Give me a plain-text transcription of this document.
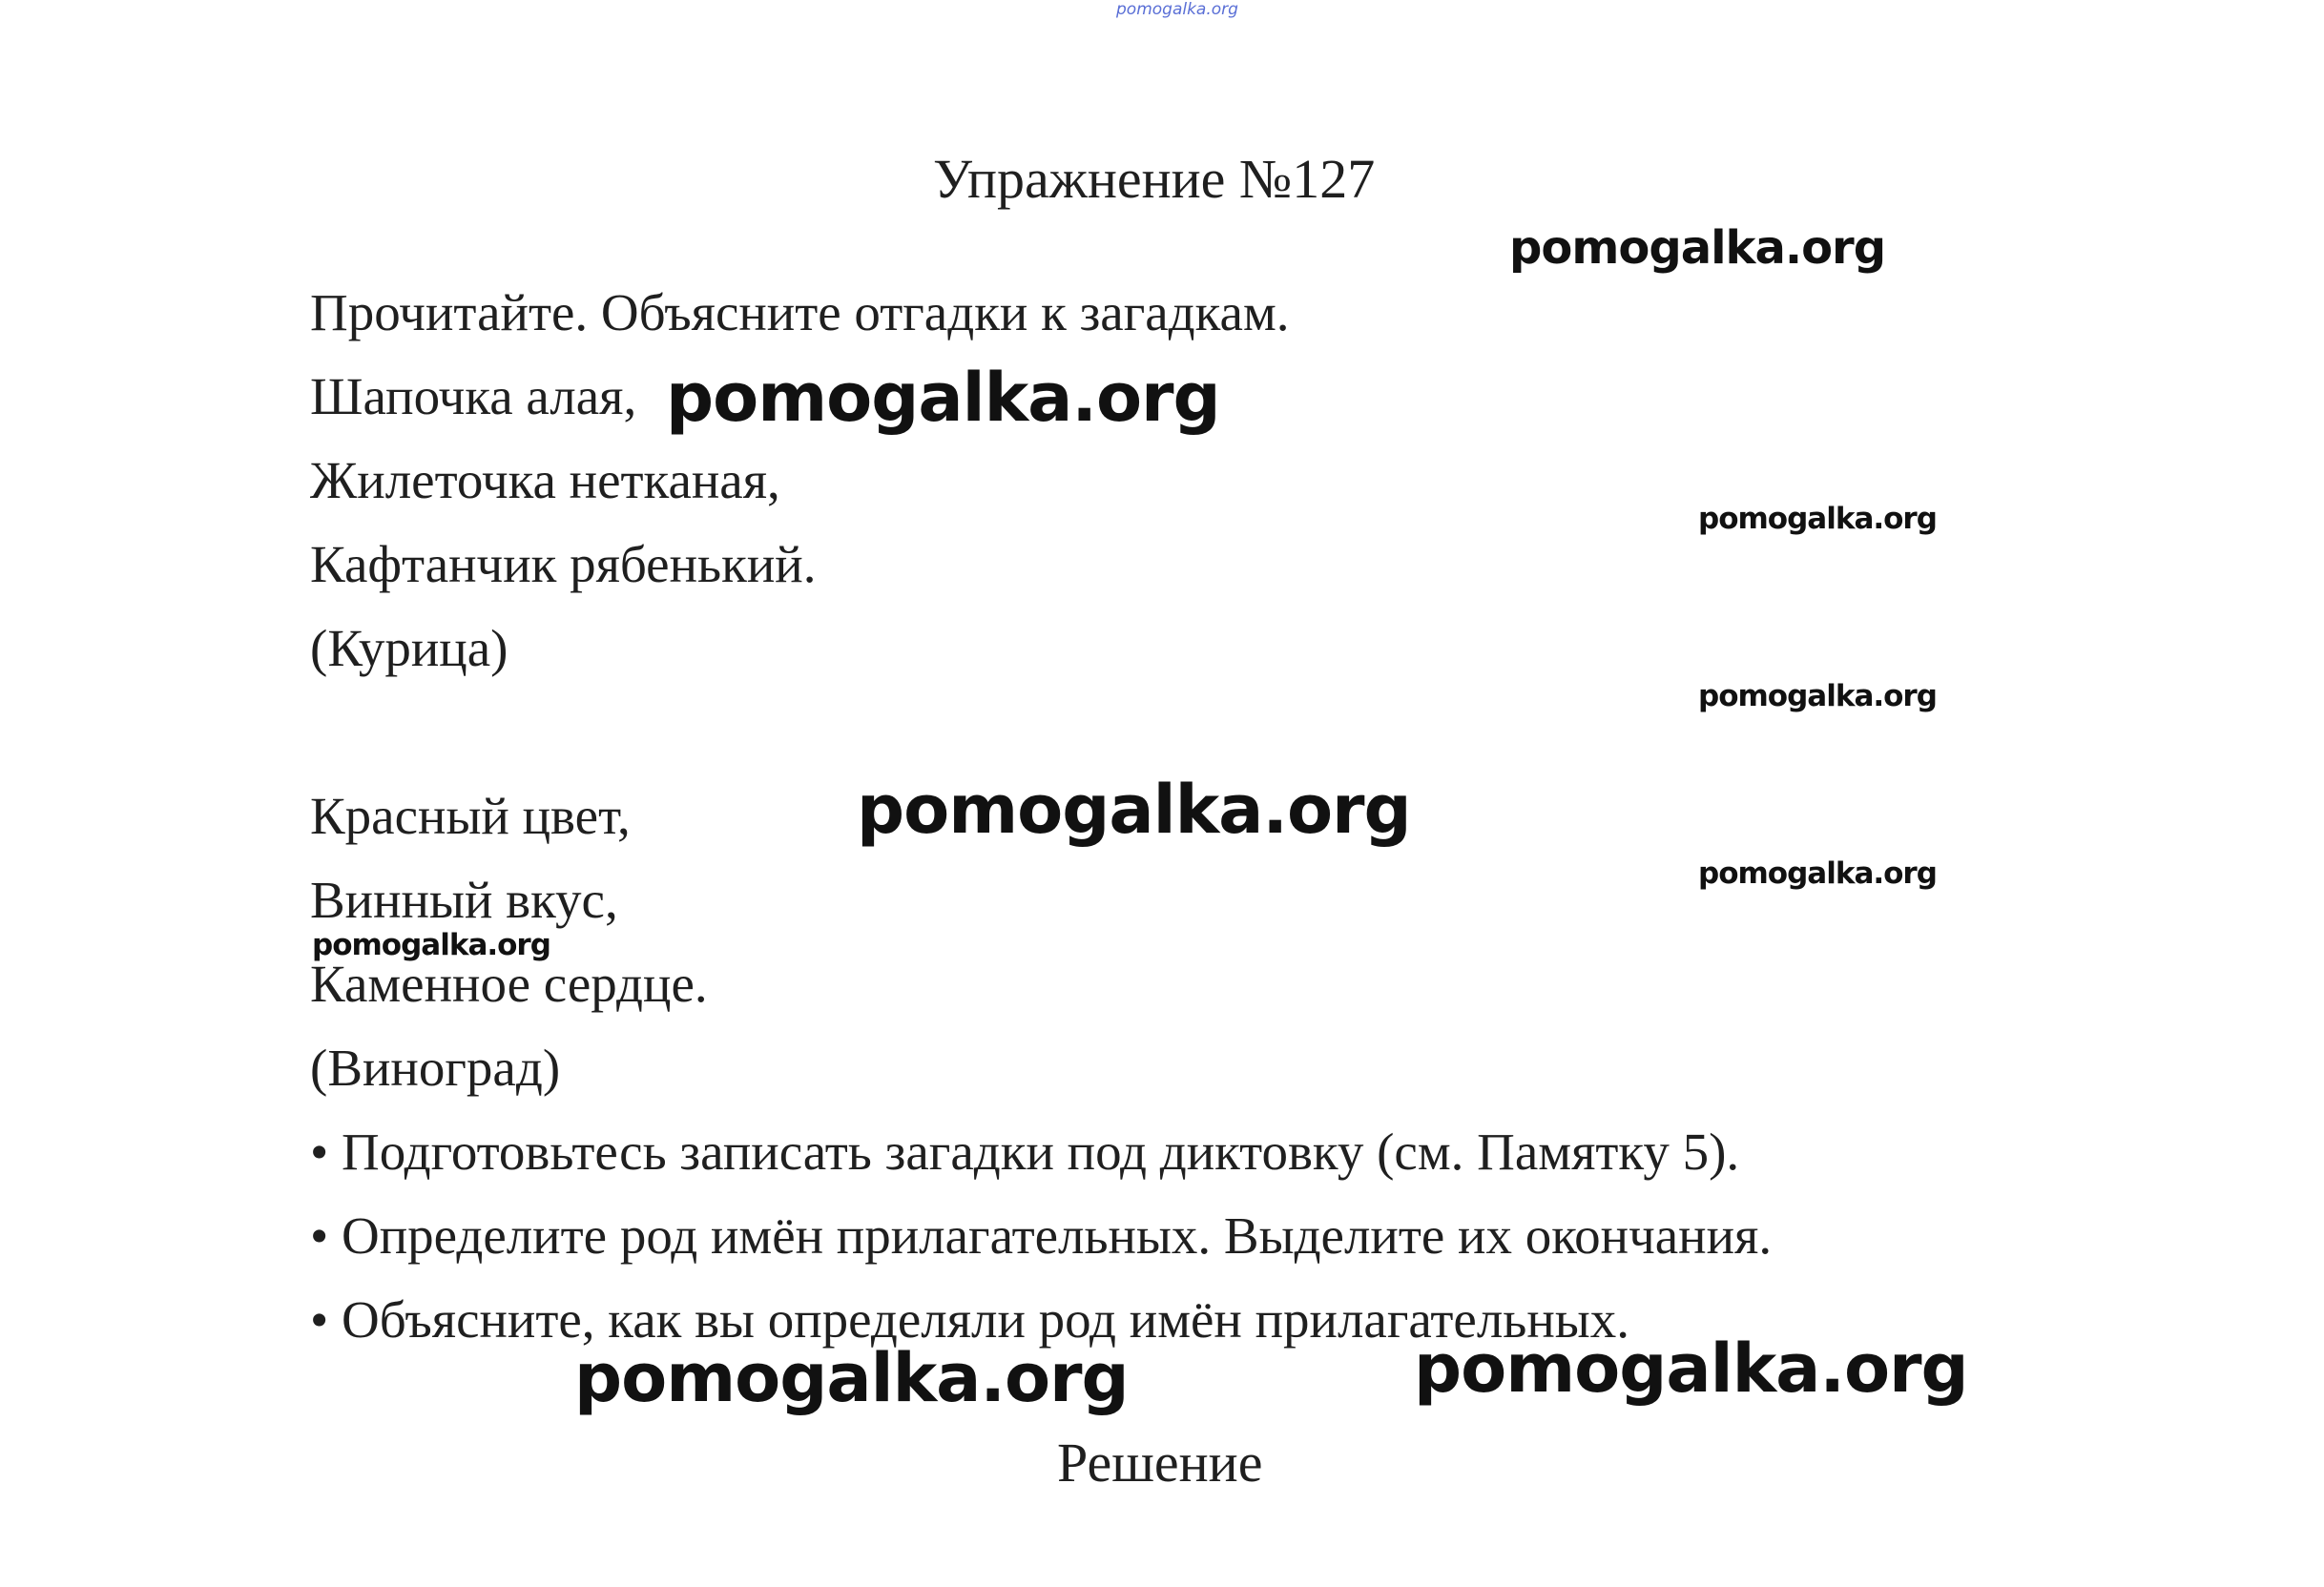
pomogalka.org
Упражнение №127
Прочитайте. Объясните отгадки к загадкам.
Шапочка алая,
Жилеточка нетканая,
Кафтанчик рябенький.
(Курица)
Красный цвет,
Винный вкус,
Каменное сердце.
(Виноград)
• Подготовьтесь записать загадки под диктовку (см. Памятку 5).
• Определите род имён прилагательных. Выделите их окончания.
• Объясните, как вы определяли род имён прилагательных.
Решение
pomogalka.org
pomogalka.org
pomogalka.org
pomogalka.org
pomogalka.org
pomogalka.org
pomogalka.org
pomogalka.org	pomogalka.org
